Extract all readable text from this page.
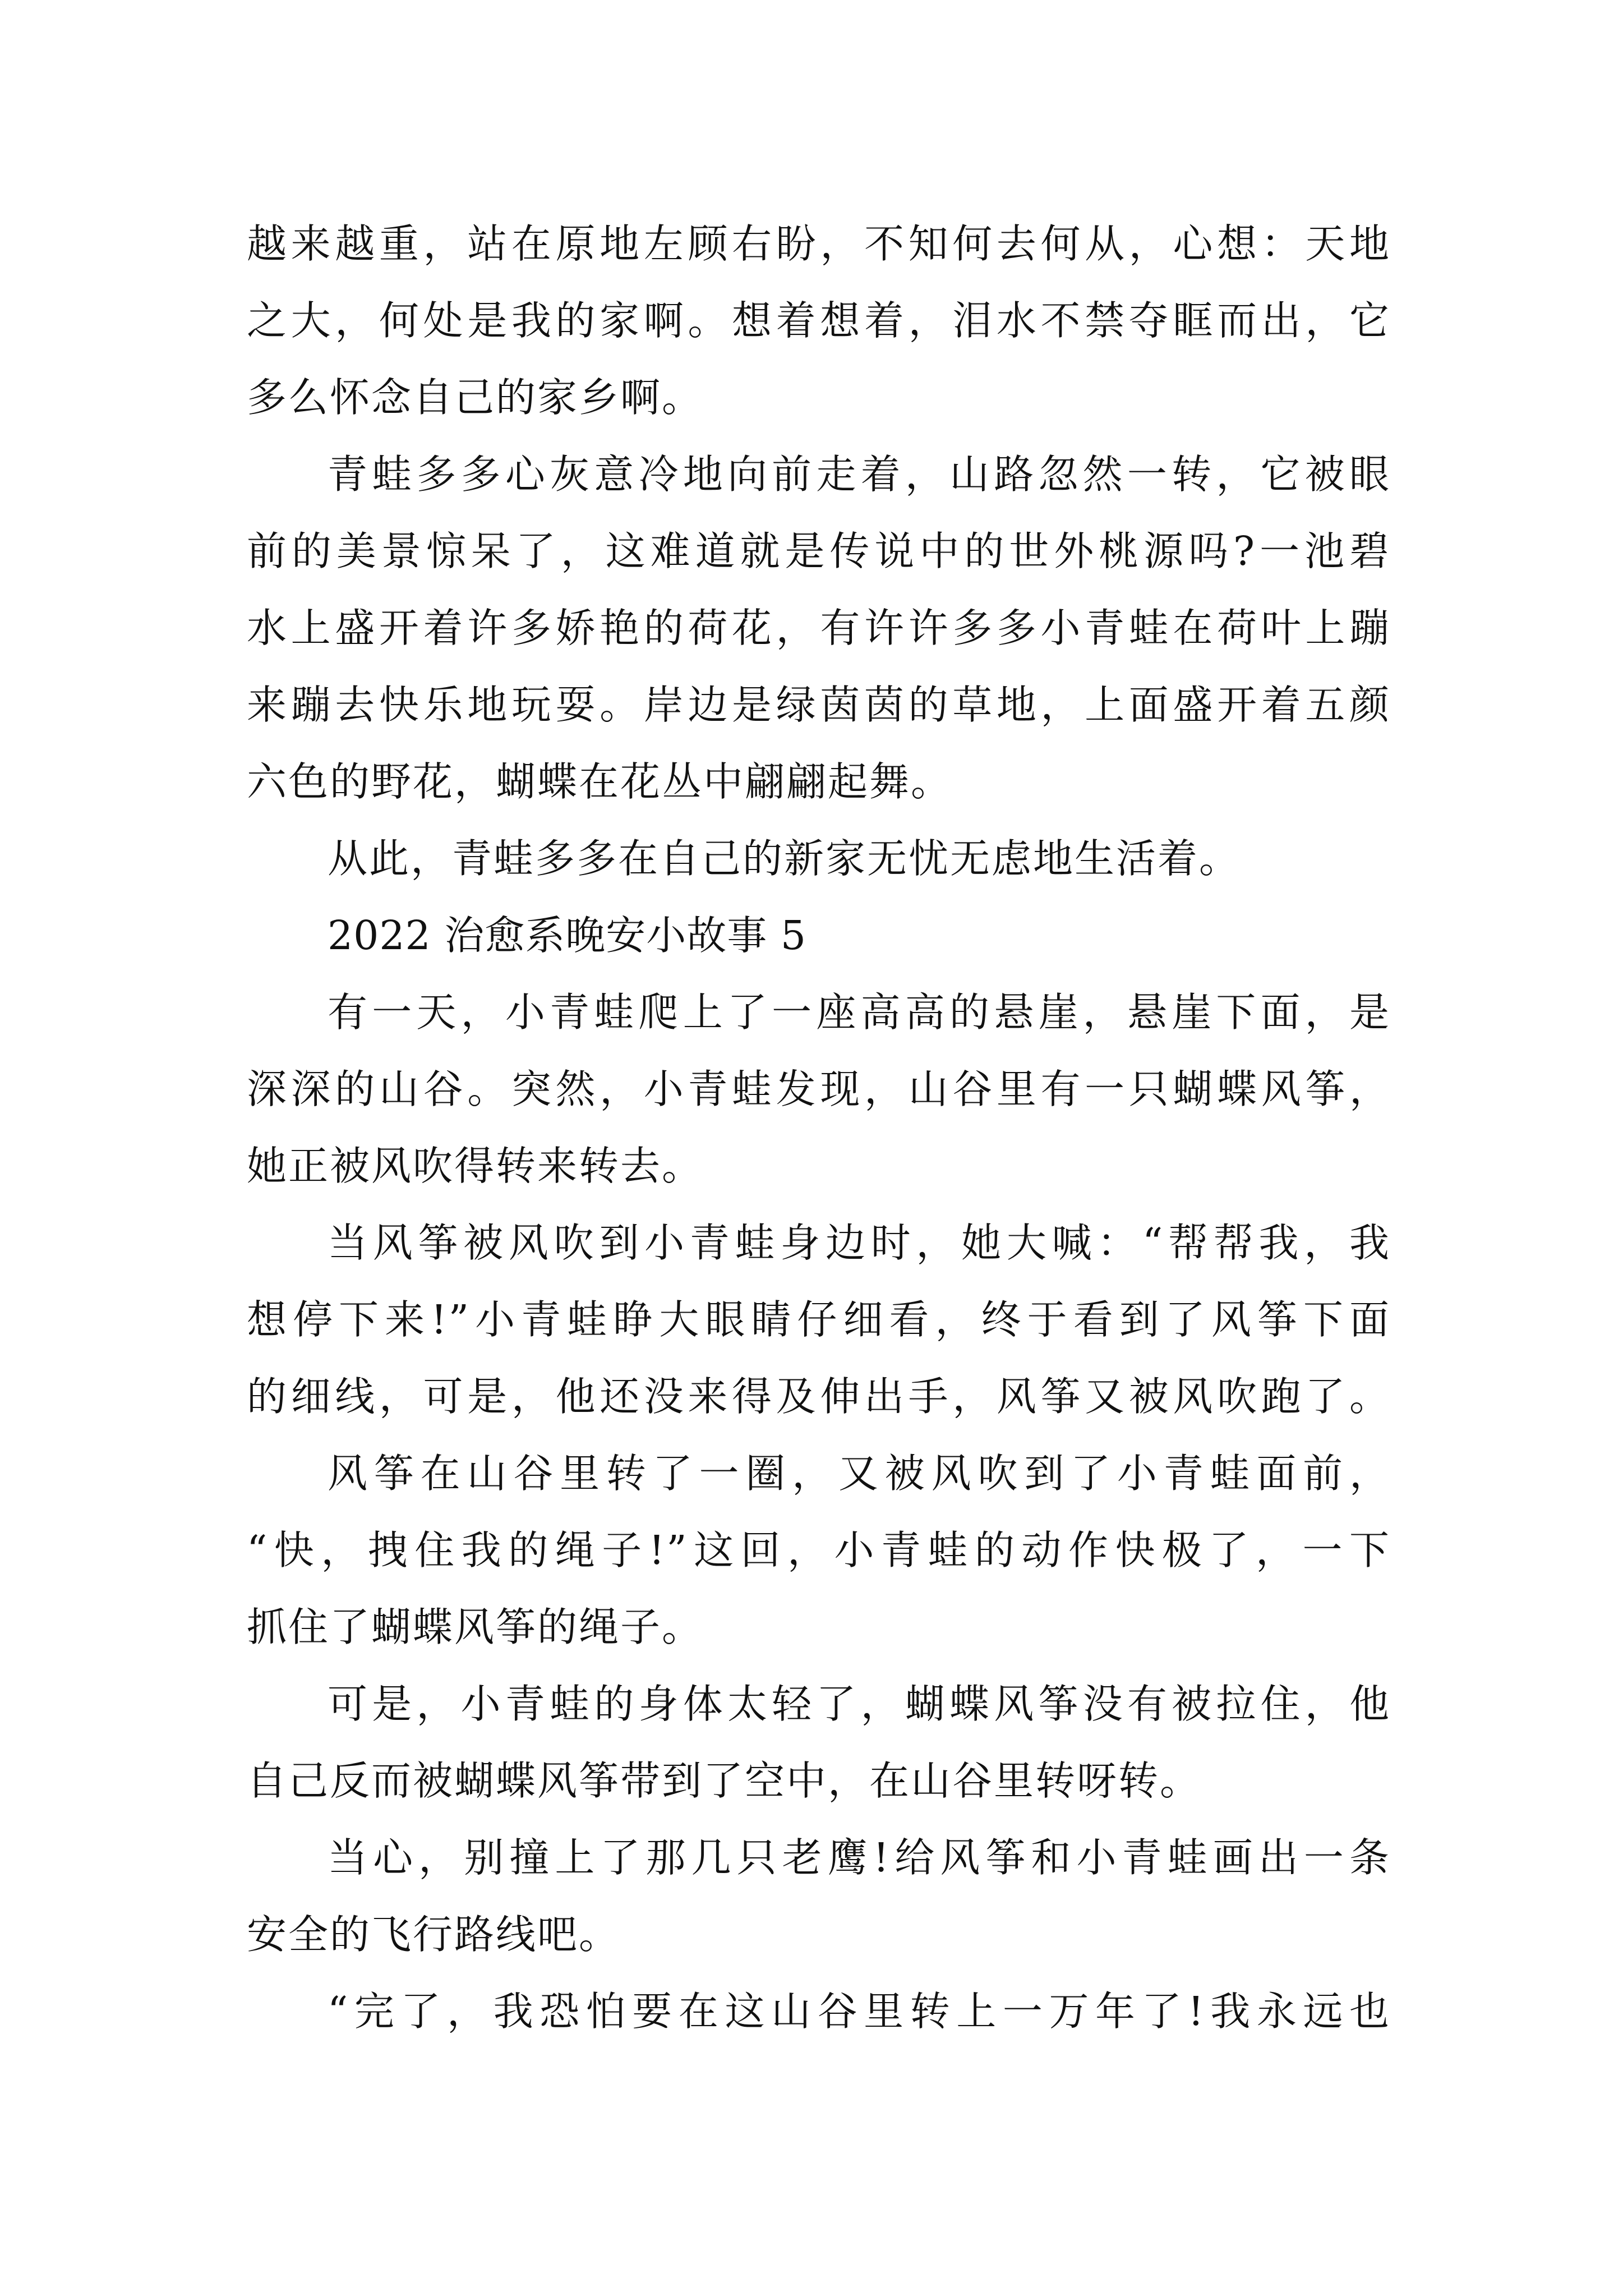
越来越重，站在原地左顾右盼，不知何去何从，心想：天地
之大，何处是我的家啊。想着想着，泪水不禁夺眶而出，它
多么怀念自己的家乡啊。
青蛙多多心灰意冷地向前走着，山路忽然一转，它被眼
前的美景惊呆了，这难道就是传说中的世外桃源吗?一池碧
水上盛开着许多娇艳的荷花，有许许多多小青蛙在荷叶上蹦
来蹦去快乐地玩耍。岸边是绿茵茵的草地，上面盛开着五颜
六色的野花，蝴蝶在花丛中翩翩起舞。
从此，青蛙多多在自己的新家无忧无虑地生活着。
2022 治愈系晚安小故事 5
有一天，小青蛙爬上了一座高高的悬崖，悬崖下面，是
深深的山谷。突然，小青蛙发现，山谷里有一只蝴蝶风筝，
她正被风吹得转来转去。
当风筝被风吹到小青蛙身边时，她大喊：“帮帮我，我
想停下来!”小青蛙睁大眼睛仔细看，终于看到了风筝下面
的细线，可是，他还没来得及伸出手，风筝又被风吹跑了。
风筝在山谷里转了一圈，又被风吹到了小青蛙面前，
“快，拽住我的绳子!”这回，小青蛙的动作快极了，一下
抓住了蝴蝶风筝的绳子。
可是，小青蛙的身体太轻了，蝴蝶风筝没有被拉住，他
自己反而被蝴蝶风筝带到了空中，在山谷里转呀转。
当心，别撞上了那几只老鹰!给风筝和小青蛙画出一条
安全的飞行路线吧。
“完了，我恐怕要在这山谷里转上一万年了!我永远也
